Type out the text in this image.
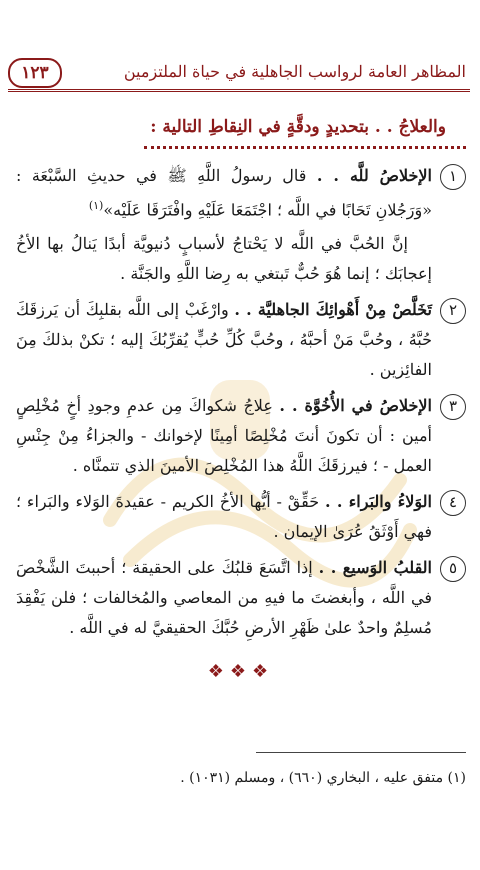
المظاهر العامة لرواسب الجاهلية في حياة الملتزمين
١٢٣
والعلاجُ . . بتحديدٍ ودقَّةٍ في النِقاطِ التالية :
١
الإخلاصُ للَّه . . قال رسولُ اللَّهِ ﷺ في حديثِ السَّبْعَة : «وَرَجُلانِ تَحَابًا في اللَّه ؛ اجْتَمَعَا عَلَيْهِ وافْتَرَقَا عَلَيْه»$^{(١)}$
إنَّ الحُبَّ في اللَّه لا يَحْتاجُ لأسبابٍ دُنيويَّة أبدًا يَنالُ بها الأخُ إعجابَك ؛ إنما هُوَ حُبٌّ تَبتغي به رِضا اللَّهِ والجَنَّة .
٢
تَخَلَّصْ مِنْ أَهْوائِكَ الجاهليَّة . . وارْغَبْ إلى اللَّه بقلبِكَ أن يَرزقَكَ حُبَّهُ ، وحُبَّ مَنْ أحبَّهُ ، وحُبَّ كُلِّ حُبٍّ يُقرِّبُكَ إليه ؛ تكنْ بذلكَ مِنَ الفائِزين .
٣
الإخلاصُ في الأُخُوَّة . . عِلاجُ شكواكَ مِن عدمِ وجودِ أخٍ مُخْلِصٍ أمين : أن تكونَ أنتَ مُخْلِصًا أمِينًا لإخوانك - والجزاءُ مِنْ جِنْسِ العمل - ؛ فيرزقَكَ اللَّهُ هذا المُخْلِصَ الأمينَ الذي تتمنَّاه .
٤
الوَلاءُ والبَراء . . حَقِّقْ - أيُّها الأخُ الكريم - عقيدةَ الوَلاء والبَراء ؛ فهي أَوْثَقُ عُرَىٰ الإيمان .
٥
القلبُ الوَسيع . . إذا اتَّسَعَ قلبُكَ على الحقيقة ؛ أحببتَ الشَّخْصَ في اللَّه ، وأبغضتَ ما فيهِ من المعاصي والمُخالفات ؛ فلن يَفْقِدَ مُسلِمٌ واحدٌ علىٰ ظَهْرِ الأرضِ حُبَّكَ الحقيقيَّ له في اللَّه .
❖❖❖
(١) متفق عليه ، البخاري (٦٦٠) ، ومسلم (١٠٣١) .
